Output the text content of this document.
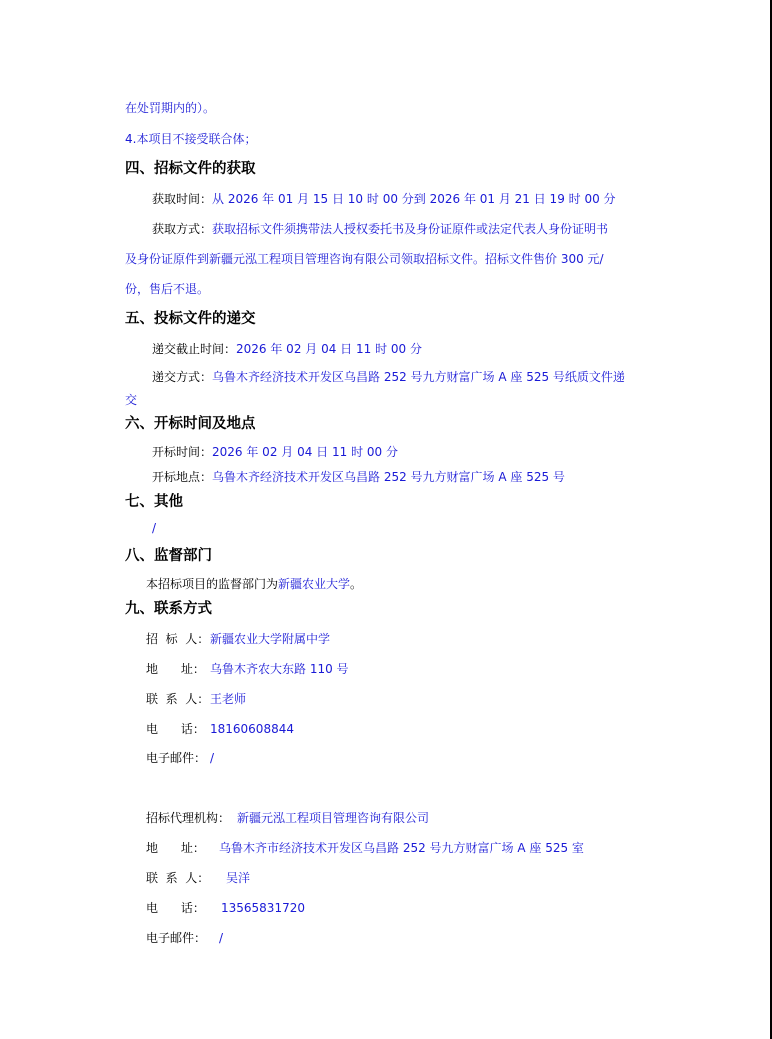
在处罚期内的）。
4.本项目不接受联合体；
四、招标文件的获取
获取时间：从 2026 年 01 月 15 日 10 时 00 分到 2026 年 01 月 21 日 19 时 00 分
获取方式：获取招标文件须携带法人授权委托书及身份证原件或法定代表人身份证明书
及身份证原件到新疆元泓工程项目管理咨询有限公司领取招标文件。招标文件售价 300 元/
份，售后不退。
五、投标文件的递交
递交截止时间：2026 年 02 月 04 日 11 时 00 分
递交方式：乌鲁木齐经济技术开发区乌昌路 252 号九方财富广场 A 座 525 号纸质文件递
交
六、开标时间及地点
开标时间：2026 年 02 月 04 日 11 时 00 分
开标地点：乌鲁木齐经济技术开发区乌昌路 252 号九方财富广场 A 座 525 号
七、其他
/
八、监督部门
本招标项目的监督部门为新疆农业大学。
九、联系方式
招  标  人：新疆农业大学附属中学
地      址： 乌鲁木齐农大东路 110 号
联  系  人：王老师
电      话： 18160608844
电子邮件： /
招标代理机构： 新疆元泓工程项目管理咨询有限公司
地      址： 乌鲁木齐市经济技术开发区乌昌路 252 号九方财富广场 A 座 525 室
联  系  人： 吴洋
电      话： 13565831720
电子邮件： /
